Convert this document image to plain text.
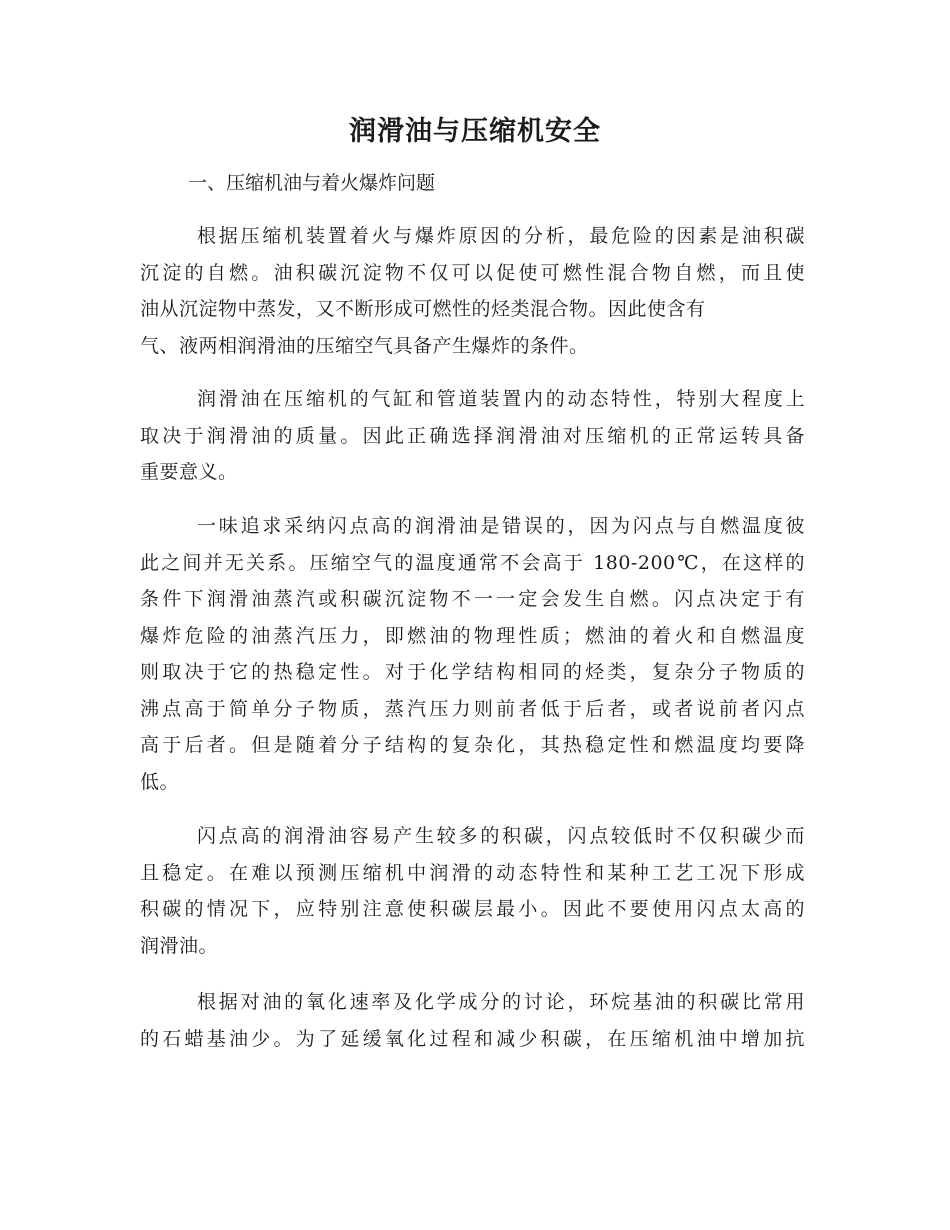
润滑油与压缩机安全

一、压缩机油与着火爆炸问题

根据压缩机装置着火与爆炸原因的分析，最危险的因素是油积碳
沉淀的自燃。油积碳沉淀物不仅可以促使可燃性混合物自燃，而且使
油从沉淀物中蒸发，又不断形成可燃性的烃类混合物。因此使含有
气、液两相润滑油的压缩空气具备产生爆炸的条件。
润滑油在压缩机的气缸和管道装置内的动态特性，特别大程度上
取决于润滑油的质量。因此正确选择润滑油对压缩机的正常运转具备
重要意义。
一味追求采纳闪点高的润滑油是错误的，因为闪点与自燃温度彼
此之间并无关系。压缩空气的温度通常不会高于 180-200℃，在这样的
条件下润滑油蒸汽或积碳沉淀物不一一定会发生自燃。闪点决定于有
爆炸危险的油蒸汽压力，即燃油的物理性质；燃油的着火和自燃温度
则取决于它的热稳定性。对于化学结构相同的烃类，复杂分子物质的
沸点高于简单分子物质，蒸汽压力则前者低于后者，或者说前者闪点
高于后者。但是随着分子结构的复杂化，其热稳定性和燃温度均要降
低。
闪点高的润滑油容易产生较多的积碳，闪点较低时不仅积碳少而
且稳定。在难以预测压缩机中润滑的动态特性和某种工艺工况下形成
积碳的情况下，应特别注意使积碳层最小。因此不要使用闪点太高的
润滑油。
根据对油的氧化速率及化学成分的讨论，环烷基油的积碳比常用
的石蜡基油少。为了延缓氧化过程和减少积碳，在压缩机油中增加抗
